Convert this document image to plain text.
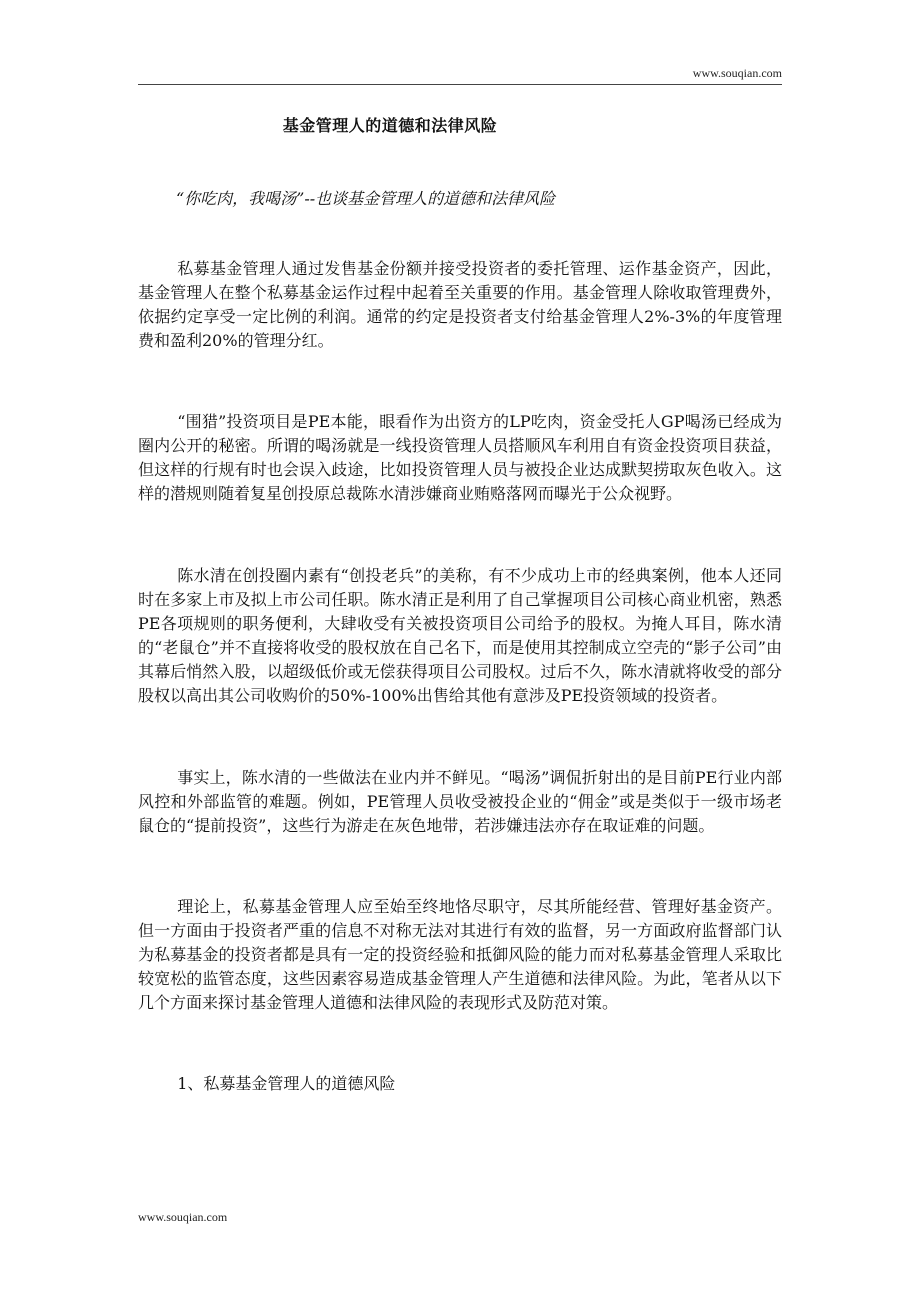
www.souqian.com
基金管理人的道德和法律风险

“你吃肉，我喝汤”--也谈基金管理人的道德和法律风险

私募基金管理人通过发售基金份额并接受投资者的委托管理、运作基金资产，因此，基金管理人在整个私募基金运作过程中起着至关重要的作用。基金管理人除收取管理费外，依据约定享受一定比例的利润。通常的约定是投资者支付给基金管理人2%-3%的年度管理费和盈利20%的管理分红。

“围猎”投资项目是PE本能，眼看作为出资方的LP吃肉，资金受托人GP喝汤已经成为圈内公开的秘密。所谓的喝汤就是一线投资管理人员搭顺风车利用自有资金投资项目获益，但这样的行规有时也会误入歧途，比如投资管理人员与被投企业达成默契捞取灰色收入。这样的潜规则随着复星创投原总裁陈水清涉嫌商业贿赂落网而曝光于公众视野。

陈水清在创投圈内素有“创投老兵”的美称，有不少成功上市的经典案例，他本人还同时在多家上市及拟上市公司任职。陈水清正是利用了自己掌握项目公司核心商业机密，熟悉PE各项规则的职务便利，大肆收受有关被投资项目公司给予的股权。为掩人耳目，陈水清的“老鼠仓”并不直接将收受的股权放在自己名下，而是使用其控制成立空壳的“影子公司”由其幕后悄然入股，以超级低价或无偿获得项目公司股权。过后不久，陈水清就将收受的部分股权以高出其公司收购价的50%-100%出售给其他有意涉及PE投资领域的投资者。

事实上，陈水清的一些做法在业内并不鲜见。“喝汤”调侃折射出的是目前PE行业内部风控和外部监管的难题。例如，PE管理人员收受被投企业的“佣金”或是类似于一级市场老鼠仓的“提前投资”，这些行为游走在灰色地带，若涉嫌违法亦存在取证难的问题。

理论上，私募基金管理人应至始至终地恪尽职守，尽其所能经营、管理好基金资产。但一方面由于投资者严重的信息不对称无法对其进行有效的监督，另一方面政府监督部门认为私募基金的投资者都是具有一定的投资经验和抵御风险的能力而对私募基金管理人采取比较宽松的监管态度，这些因素容易造成基金管理人产生道德和法律风险。为此，笔者从以下几个方面来探讨基金管理人道德和法律风险的表现形式及防范对策。

1、私募基金管理人的道德风险

www.souqian.com
